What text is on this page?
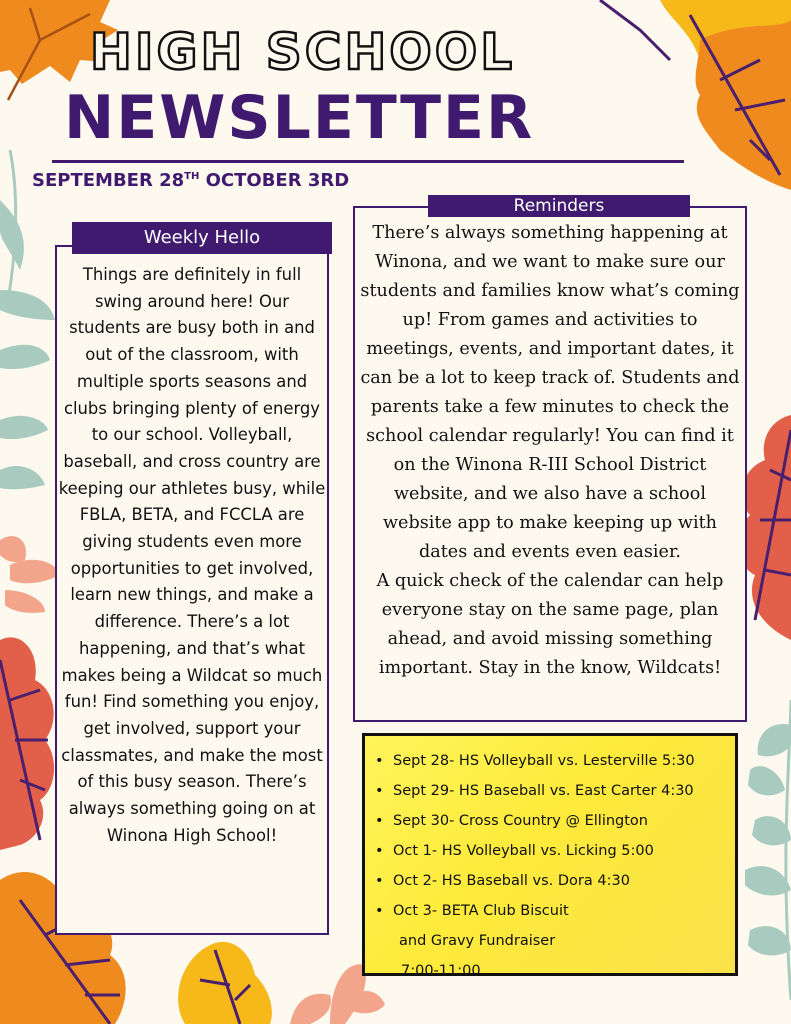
HIGH SCHOOL
NEWSLETTER
SEPTEMBER 28TH OCTOBER 3RD
Weekly Hello

Things are definitely in full swing around here! Our students are busy both in and out of the classroom, with multiple sports seasons and clubs bringing plenty of energy to our school. Volleyball, baseball, and cross country are keeping our athletes busy, while FBLA, BETA, and FCCLA are giving students even more opportunities to get involved, learn new things, and make a difference. There’s a lot happening, and that’s what makes being a Wildcat so much fun! Find something you enjoy, get involved, support your classmates, and make the most of this busy season. There’s always something going on at Winona High School!

Reminders
There’s always something happening at Winona, and we want to make sure our students and families know what’s coming up! From games and activities to meetings, events, and important dates, it can be a lot to keep track of. Students and parents take a few minutes to check the school calendar regularly! You can find it on the Winona R-III School District website, and we also have a school website app to make keeping up with dates and events even easier.
A quick check of the calendar can help everyone stay on the same page, plan ahead, and avoid missing something important. Stay in the know, Wildcats!
• Sept 28- HS Volleyball vs. Lesterville 5:30
• Sept 29- HS Baseball vs. East Carter 4:30
• Sept 30- Cross Country @ Ellington
• Oct 1- HS Volleyball vs. Licking 5:00
• Oct 2- HS Baseball vs. Dora 4:30
• Oct 3- BETA Club Biscuit
and Gravy Fundraiser
7:00-11:00
